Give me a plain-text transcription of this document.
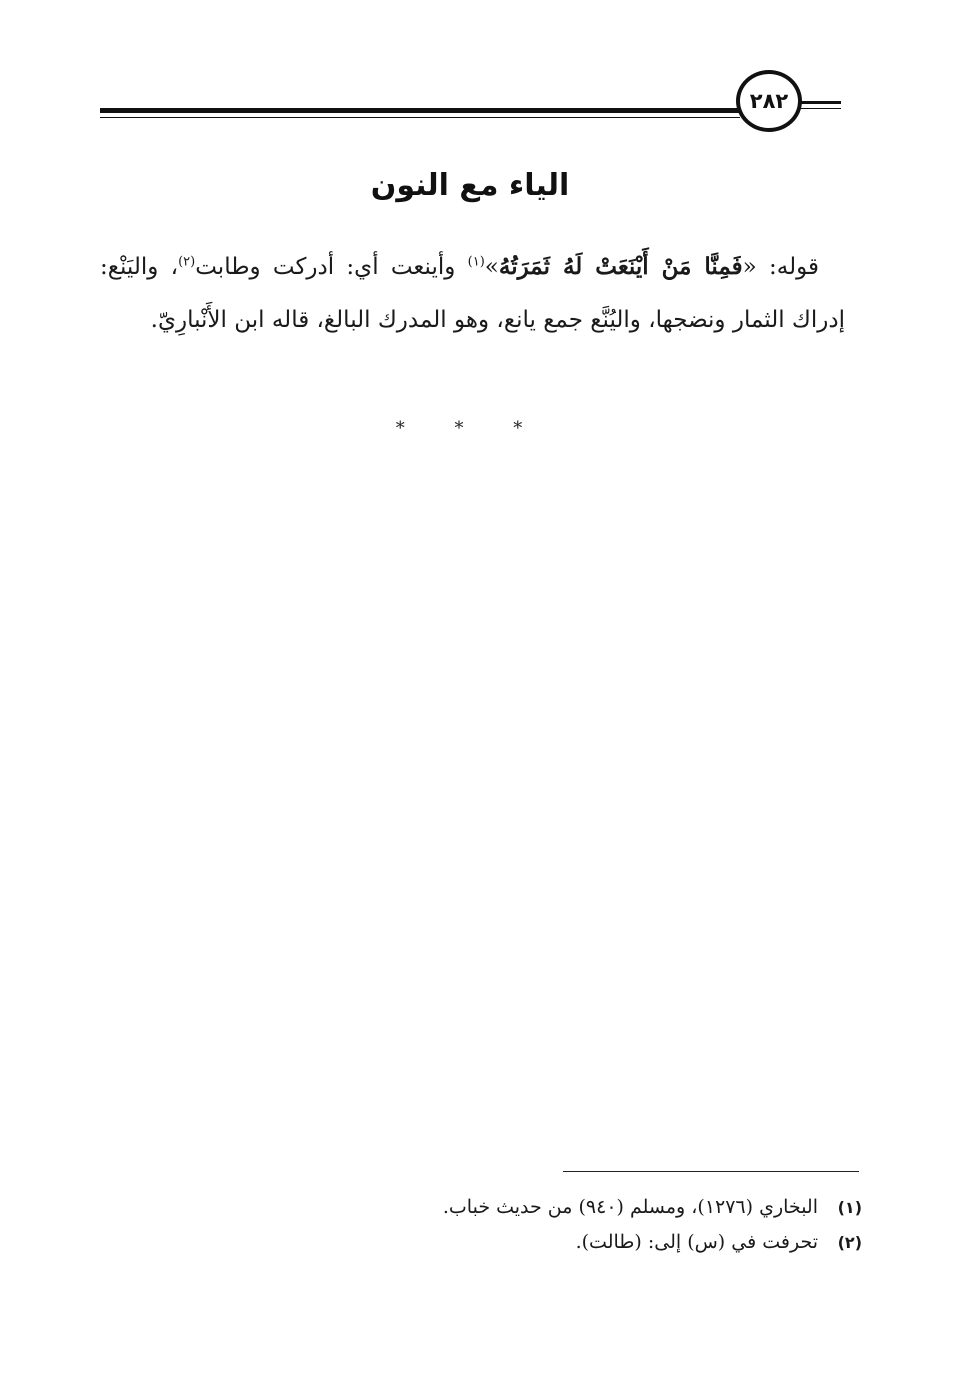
٢٨٢
الياء مع النون

قوله: «فَمِنَّا مَنْ أَيْنَعَتْ لَهُ ثَمَرَتُهُ»$^{(١)}$ وأينعت أي: أدركت وطابت$^{(٢)}$، واليَنْع: إدراك الثمار ونضجها، واليُنَّع جمع يانع، وهو المدرك البالغ، قاله ابن الأَنْبارِيّ.

* * *
(١)
البخاري (١٢٧٦)، ومسلم (٩٤٠) من حديث خباب.
(٢)
تحرفت في (س) إلى: (طالت).
